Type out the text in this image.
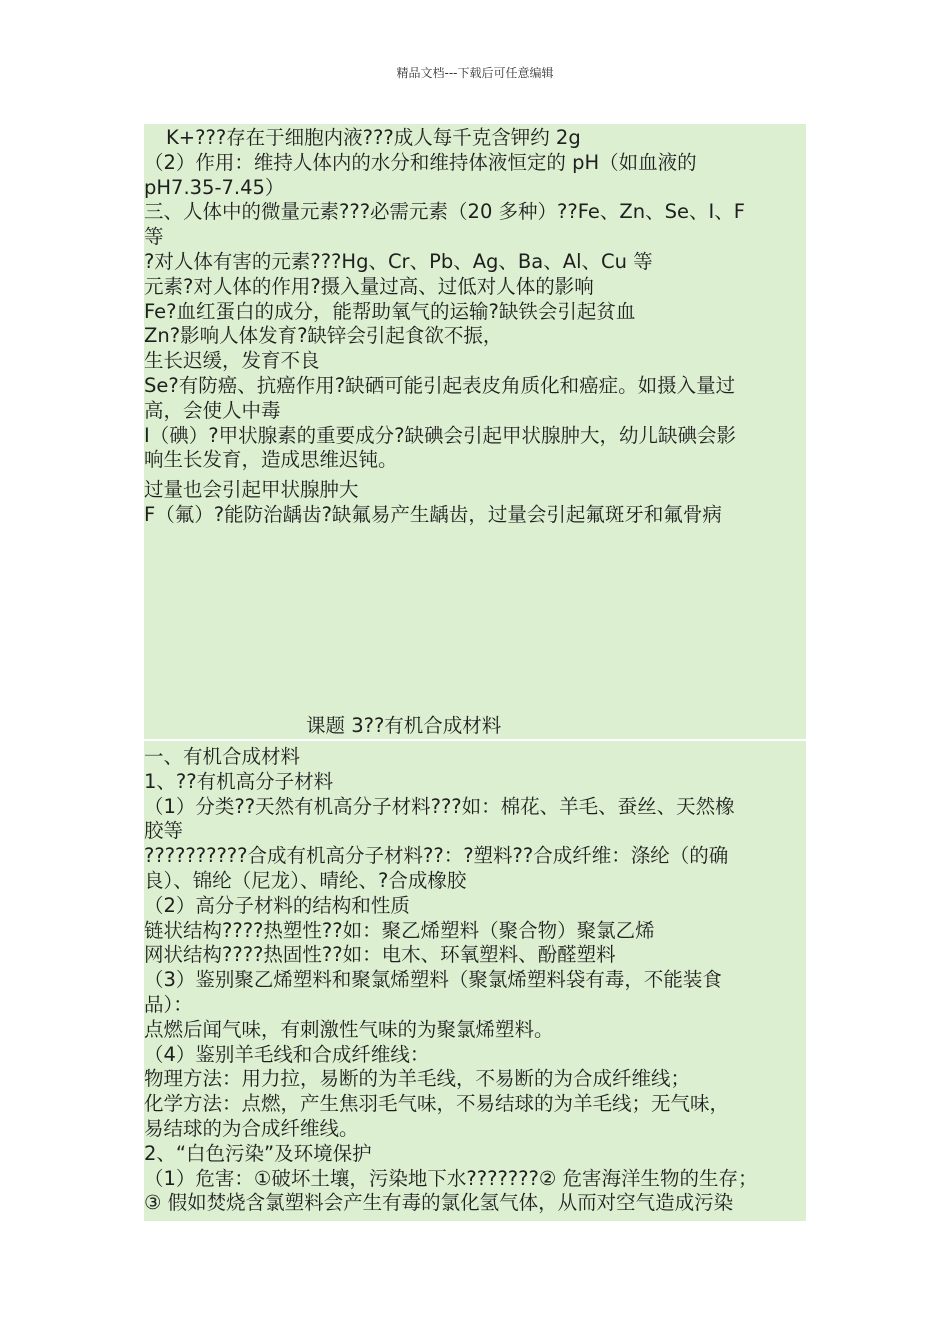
精品文档---下载后可任意编辑
K+???存在于细胞内液???成人每千克含钾约 2g
（2）作用：维持人体内的水分和维持体液恒定的 pH（如血液的
pH7.35-7.45）
三、人体中的微量元素???必需元素（20 多种）??Fe、Zn、Se、I、F
等
?对人体有害的元素???Hg、Cr、Pb、Ag、Ba、Al、Cu 等
元素?对人体的作用?摄入量过高、过低对人体的影响
Fe?血红蛋白的成分，能帮助氧气的运输?缺铁会引起贫血
Zn?影响人体发育?缺锌会引起食欲不振，
生长迟缓，发育不良
Se?有防癌、抗癌作用?缺硒可能引起表皮角质化和癌症。如摄入量过
高，会使人中毒
I（碘）?甲状腺素的重要成分?缺碘会引起甲状腺肿大，幼儿缺碘会影
响生长发育，造成思维迟钝。
过量也会引起甲状腺肿大
F（氟）?能防治龋齿?缺氟易产生龋齿，过量会引起氟斑牙和氟骨病
课题 3??有机合成材料
一、有机合成材料
1、??有机高分子材料
（1）分类??天然有机高分子材料???如：棉花、羊毛、蚕丝、天然橡
胶等
??????????合成有机高分子材料??：?塑料??合成纤维：涤纶（的确
良）、锦纶（尼龙）、晴纶、?合成橡胶
（2）高分子材料的结构和性质
链状结构????热塑性??如：聚乙烯塑料（聚合物）聚氯乙烯
网状结构????热固性??如：电木、环氧塑料、酚醛塑料
（3）鉴别聚乙烯塑料和聚氯烯塑料（聚氯烯塑料袋有毒，不能装食
品）：
点燃后闻气味，有刺激性气味的为聚氯烯塑料。
（4）鉴别羊毛线和合成纤维线：
物理方法：用力拉，易断的为羊毛线，不易断的为合成纤维线；
化学方法：点燃，产生焦羽毛气味，不易结球的为羊毛线；无气味，
易结球的为合成纤维线。
2、“白色污染”及环境保护
（1）危害：①破坏土壤，污染地下水???????② 危害海洋生物的生存；
③ 假如焚烧含氯塑料会产生有毒的氯化氢气体，从而对空气造成污染
